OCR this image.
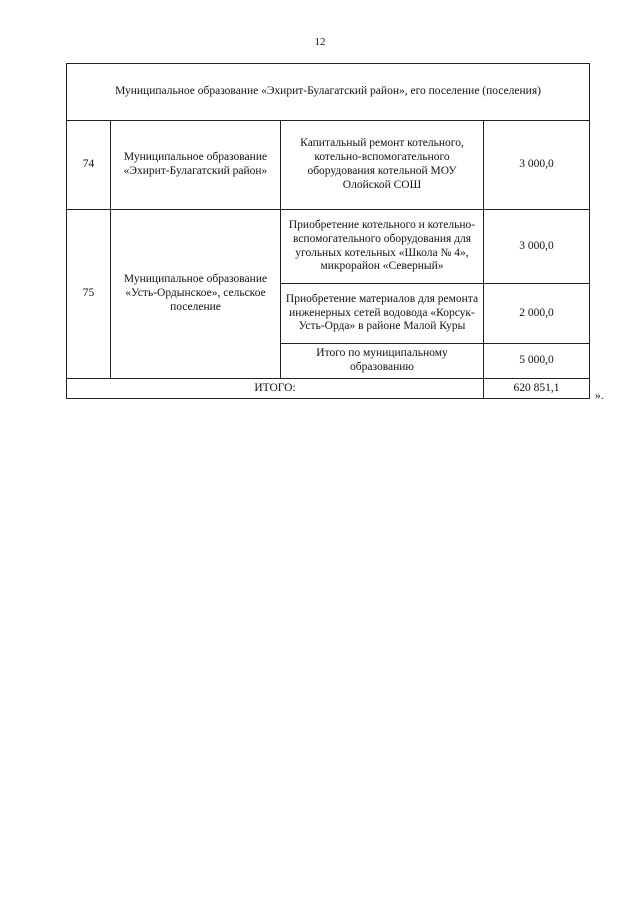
12
Муниципальное образование «Эхирит-Булагатский район», его поселение (поселения)			
74	Муниципальное образование «Эхирит-Булагатский район»	Капитальный ремонт котельного, котельно-вспомогательного оборудования котельной МОУ Олойской СОШ	3 000,0
75	Муниципальное образование «Усть-Ордынское», сельское поселение	Приобретение котельного и котельно-вспомогательного оборудования для угольных котельных «Школа № 4», микрорайон «Северный»	3 000,0
		Приобретение материалов для ремонта инженерных сетей водовода «Корсук-Усть-Орда» в районе Малой Куры	2 000,0
		Итого по муниципальному образованию	5 000,0
ИТОГО:			620 851,1
».
